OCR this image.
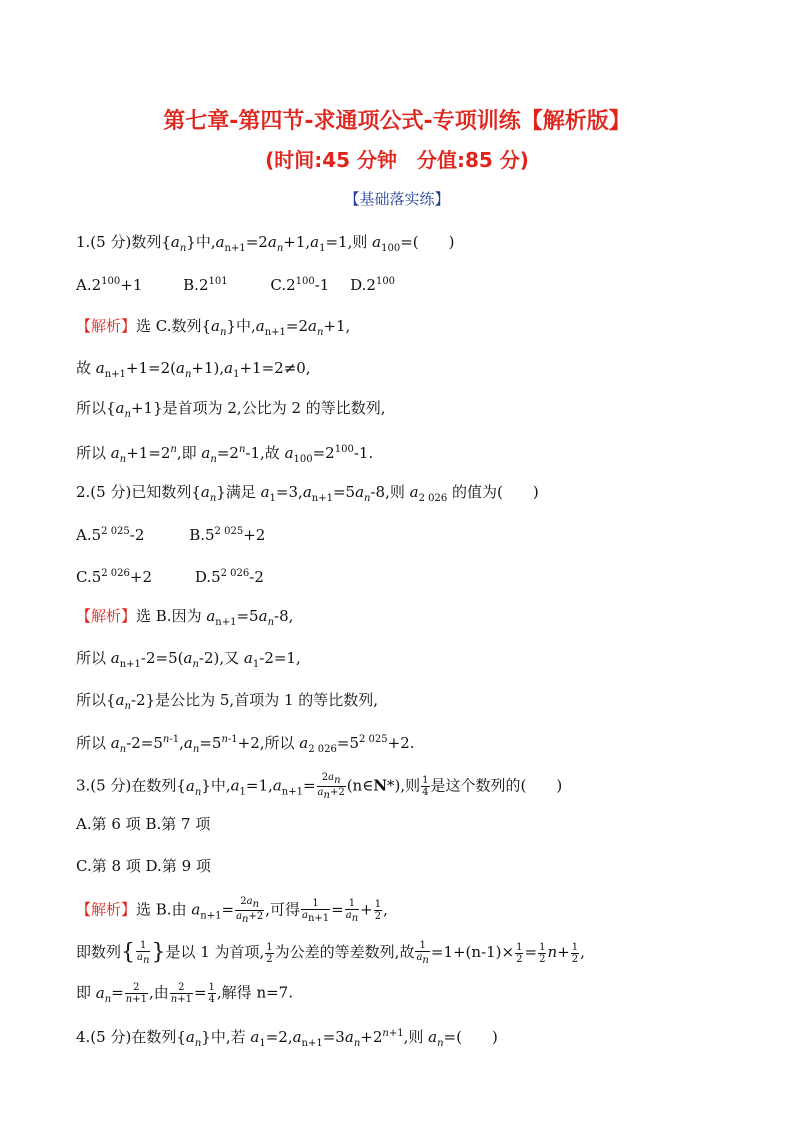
第七章-第四节-求通项公式-专项训练【解析版】
(时间:45 分钟　分值:85 分)
【基础落实练】
1.(5 分)数列$\{a_n\}$中$,a_{n+1}=2a_n+1,a_1=1$,则 $a_{100}=$(　　)
$A.2^{100}+1$	$B.2^{101}$	$C.2^{100}-1$ $D.2^{100}$
【解析】选 C.数列$\{a_n\}$中$,a_{n+1}=2a_n+1$,
故 $a_{n+1}+1=2(a_n+1),a_1+1=2\ne 0$,
所以$\{a_n+1\}$是首项为 2,公比为 2 的等比数列,
所以 $a_n+1=2^n$,即 $a_n=2^n-1$,故 $a_{100}=2^{100}-1$.
2.(5 分)已知数列$\{a_n\}$满足 $a_1=3,a_{n+1}=5a_n-8$,则 $a_{2 026}$ 的值为(　　)
$A.5^{2 025}-2$	$B.5^{2 025}+2$
$C.5^{2 026}+2$	$D.5^{2 026}-2$
【解析】选 B.因为 $a_{n+1}=5a_n-8$,
所以 $a_{n+1}-2=5(a_n-2)$,又 $a_1-2=1$,
所以$\{a_n-2\}$是公比为 5,首项为 1 的等比数列,
所以 $a_n-2=5^{n-1},a_n=5^{n-1}+2$,所以 $a_{2 026}=5^{2 025}+2$.
3.(5 分)在数列$\{a_n\}$中$,a_1=1,a_{n+1}= \frac{2a_n}{a_n+2}$ (n∈N*),则 $\frac{1}{4}$ 是这个数列的(　　)
A.第 6 项 B.第 7 项
C.第 8 项 D.第 9 项
【解析】选 B.由 $a_{n+1}= \frac{2a_n}{a_n+2}$ ,可得 $\frac{1}{a_{n+1}} = \frac{1}{a_n} + \frac{1}{2}$ ,
即数列{ $\frac{1}{a_n}$ }是以 1 为首项, $\frac{1}{2}$ 为公差的等差数列,故 $\frac{1}{a_n} =1+(n-1)\times \frac{1}{2} = \frac{1}{2} n+ \frac{1}{2}$ ,
即 $a_n= \frac{2}{n+1}$ ,由 $\frac{2}{n+1} = \frac{1}{4}$ ,解得 n=7.
4.(5 分)在数列$\{a_n\}$中,若 $a_1=2,a_{n+1}=3a_n+2^{n+1}$,则 $a_n=$(　　)
